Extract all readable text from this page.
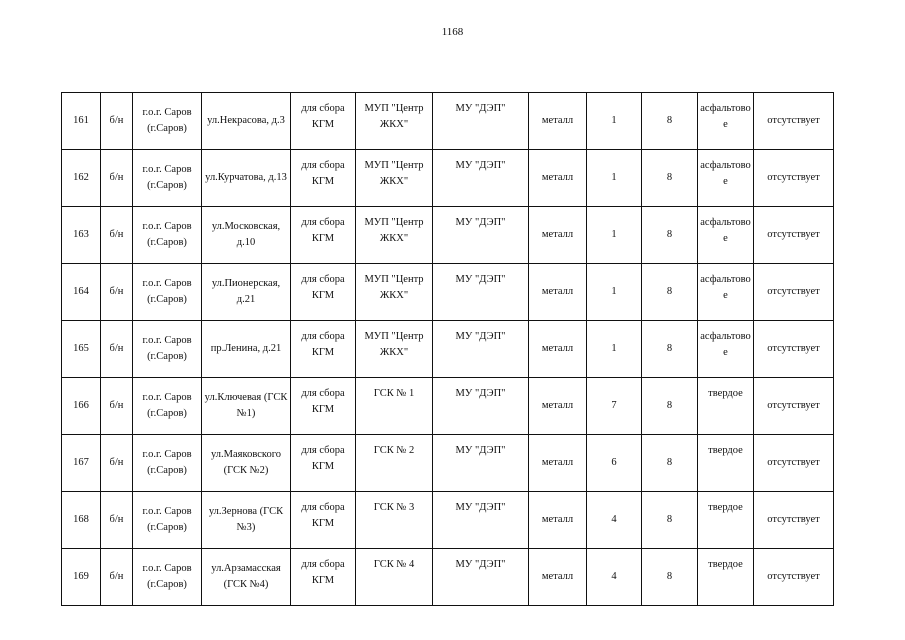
1168
161	б/н	г.о.г. Саров (г.Саров)	ул.Некрасова, д.3	для сбора КГМ	МУП "Центр ЖКХ"	МУ "ДЭП"	металл	1	8	асфальтовое	отсутствует
162	б/н	г.о.г. Саров (г.Саров)	ул.Курчатова, д.13	для сбора КГМ	МУП "Центр ЖКХ"	МУ "ДЭП"	металл	1	8	асфальтовое	отсутствует
163	б/н	г.о.г. Саров (г.Саров)	ул.Московская, д.10	для сбора КГМ	МУП "Центр ЖКХ"	МУ "ДЭП"	металл	1	8	асфальтовое	отсутствует
164	б/н	г.о.г. Саров (г.Саров)	ул.Пионерская, д.21	для сбора КГМ	МУП "Центр ЖКХ"	МУ "ДЭП"	металл	1	8	асфальтовое	отсутствует
165	б/н	г.о.г. Саров (г.Саров)	пр.Ленина, д.21	для сбора КГМ	МУП "Центр ЖКХ"	МУ "ДЭП"	металл	1	8	асфальтовое	отсутствует
166	б/н	г.о.г. Саров (г.Саров)	ул.Ключевая (ГСК №1)	для сбора КГМ	ГСК № 1	МУ "ДЭП"	металл	7	8	твердое	отсутствует
167	б/н	г.о.г. Саров (г.Саров)	ул.Маяковского (ГСК №2)	для сбора КГМ	ГСК № 2	МУ "ДЭП"	металл	6	8	твердое	отсутствует
168	б/н	г.о.г. Саров (г.Саров)	ул.Зернова (ГСК №3)	для сбора КГМ	ГСК № 3	МУ "ДЭП"	металл	4	8	твердое	отсутствует
169	б/н	г.о.г. Саров (г.Саров)	ул.Арзамасская (ГСК №4)	для сбора КГМ	ГСК № 4	МУ "ДЭП"	металл	4	8	твердое	отсутствует
